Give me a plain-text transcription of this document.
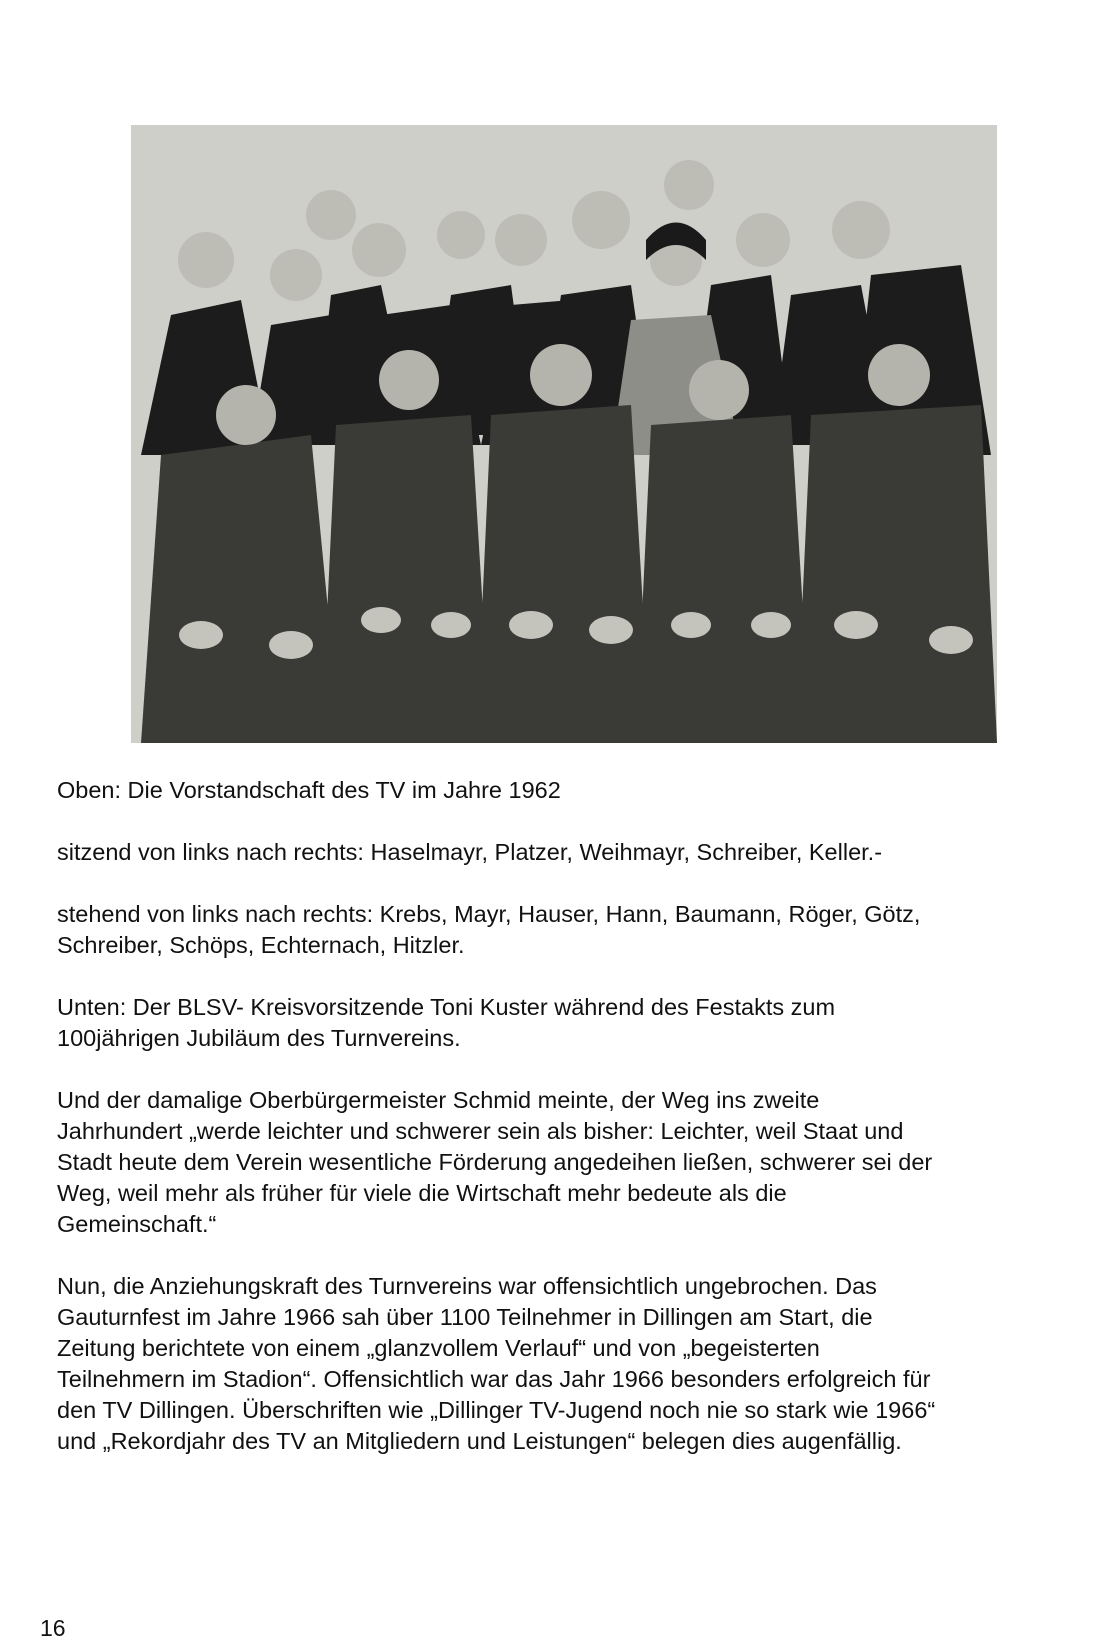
Oben: Die Vorstandschaft des TV im Jahre 1962

sitzend von links nach rechts: Haselmayr, Platzer, Weihmayr, Schreiber, Keller.-

stehend von links nach rechts: Krebs, Mayr, Hauser, Hann, Baumann, Röger, Götz,
Schreiber, Schöps, Echternach, Hitzler.

Unten: Der BLSV- Kreisvorsitzende Toni Kuster während des Festakts zum
100jährigen Jubiläum des Turnvereins.

Und der damalige Oberbürgermeister Schmid meinte, der Weg ins zweite
Jahrhundert „werde leichter und schwerer sein als bisher: Leichter, weil Staat und
Stadt heute dem Verein wesentliche Förderung angedeihen ließen, schwerer sei der
Weg, weil mehr als früher für viele die Wirtschaft mehr bedeute als die
Gemeinschaft.“

Nun, die Anziehungskraft des Turnvereins war offensichtlich ungebrochen. Das
Gauturnfest im Jahre 1966 sah über 1100 Teilnehmer in Dillingen am Start, die
Zeitung berichtete von einem „glanzvollem Verlauf“ und von „begeisterten
Teilnehmern im Stadion“. Offensichtlich war das Jahr 1966 besonders erfolgreich für
den TV Dillingen. Überschriften wie „Dillinger TV-Jugend noch nie so stark wie 1966“
und „Rekordjahr des TV an Mitgliedern und Leistungen“ belegen dies augenfällig.

16
